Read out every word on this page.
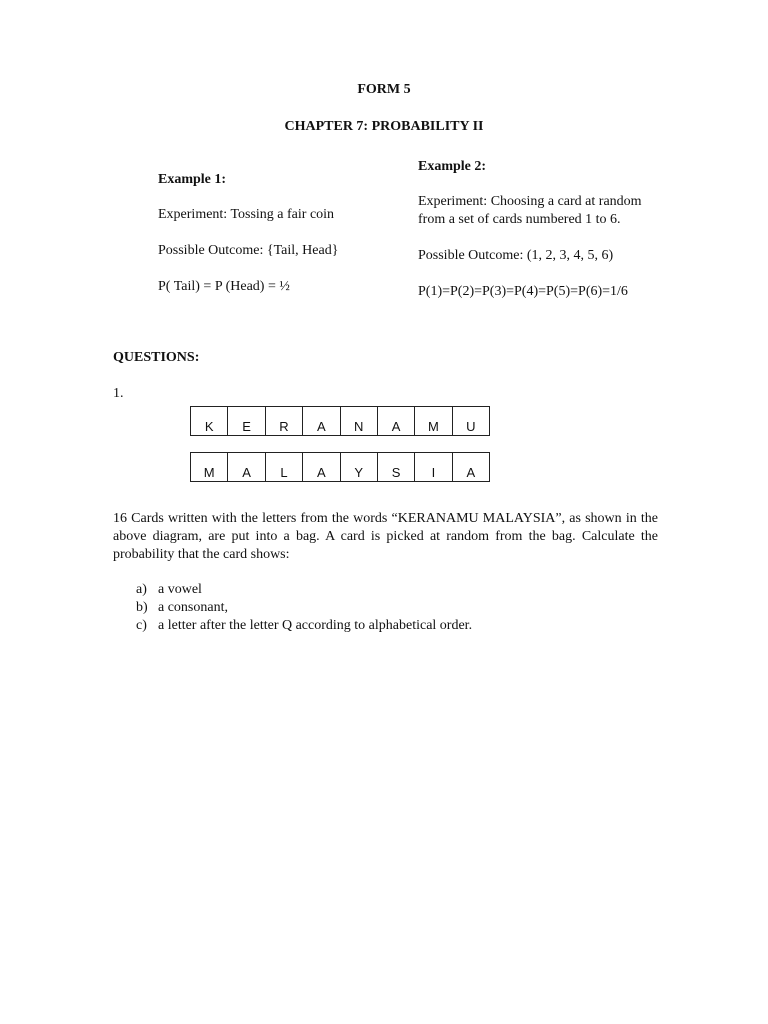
FORM 5
CHAPTER 7: PROBABILITY II
Example 1:
Experiment: Tossing a fair coin
Possible Outcome: {Tail, Head}
P( Tail) = P (Head) = ½
Example 2:
Experiment: Choosing a card at random
from a set of cards numbered 1 to 6.
Possible Outcome: (1, 2, 3, 4, 5, 6)
P(1)=P(2)=P(3)=P(4)=P(5)=P(6)=1/6
QUESTIONS:
1.
K	E	R	A	N	A	M	U
M	A	L	A	Y	S	I	A
16 Cards written with the letters from the words “KERANAMU MALAYSIA”, as shown in the above diagram, are put into a bag. A card is picked at random from the bag. Calculate the probability that the card shows:
a) a vowel
b) a consonant,
c) a letter after the letter Q according to alphabetical order.
